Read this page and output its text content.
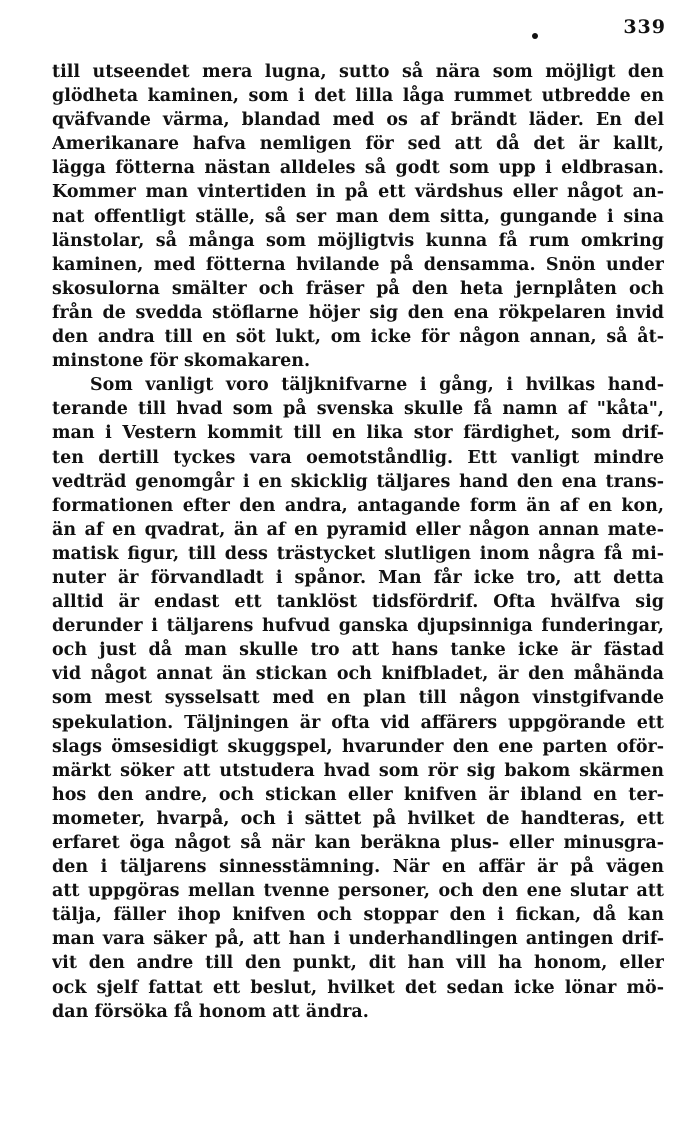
339
till utseendet mera lugna, sutto så nära som möjligt den
glödheta kaminen, som i det lilla låga rummet utbredde en
qväfvande värma, blandad med os af brändt läder. En del
Amerikanare hafva nemligen för sed att då det är kallt,
lägga fötterna nästan alldeles så godt som upp i eldbrasan.
Kommer man vintertiden in på ett värdshus eller något an-
nat offentligt ställe, så ser man dem sitta, gungande i sina
länstolar, så många som möjligtvis kunna få rum omkring
kaminen, med fötterna hvilande på densamma. Snön under
skosulorna smälter och fräser på den heta jernplåten och
från de svedda stöflarne höjer sig den ena rökpelaren invid
den andra till en söt lukt, om icke för någon annan, så åt-
minstone för skomakaren.
Som vanligt voro täljknifvarne i gång, i hvilkas hand-
terande till hvad som på svenska skulle få namn af "kåta",
man i Vestern kommit till en lika stor färdighet, som drif-
ten dertill tyckes vara oemotståndlig. Ett vanligt mindre
vedträd genomgår i en skicklig täljares hand den ena trans-
formationen efter den andra, antagande form än af en kon,
än af en qvadrat, än af en pyramid eller någon annan mate-
matisk figur, till dess trästycket slutligen inom några få mi-
nuter är förvandladt i spånor. Man får icke tro, att detta
alltid är endast ett tanklöst tidsfördrif. Ofta hvälfva sig
derunder i täljarens hufvud ganska djupsinniga funderingar,
och just då man skulle tro att hans tanke icke är fästad
vid något annat än stickan och knifbladet, är den måhända
som mest sysselsatt med en plan till någon vinstgifvande
spekulation. Täljningen är ofta vid affärers uppgörande ett
slags ömsesidigt skuggspel, hvarunder den ene parten oför-
märkt söker att utstudera hvad som rör sig bakom skärmen
hos den andre, och stickan eller knifven är ibland en ter-
mometer, hvarpå, och i sättet på hvilket de handteras, ett
erfaret öga något så när kan beräkna plus- eller minusgra-
den i täljarens sinnesstämning. När en affär är på vägen
att uppgöras mellan tvenne personer, och den ene slutar att
tälja, fäller ihop knifven och stoppar den i fickan, då kan
man vara säker på, att han i underhandlingen antingen drif-
vit den andre till den punkt, dit han vill ha honom, eller
ock sjelf fattat ett beslut, hvilket det sedan icke lönar mö-
dan försöka få honom att ändra.
